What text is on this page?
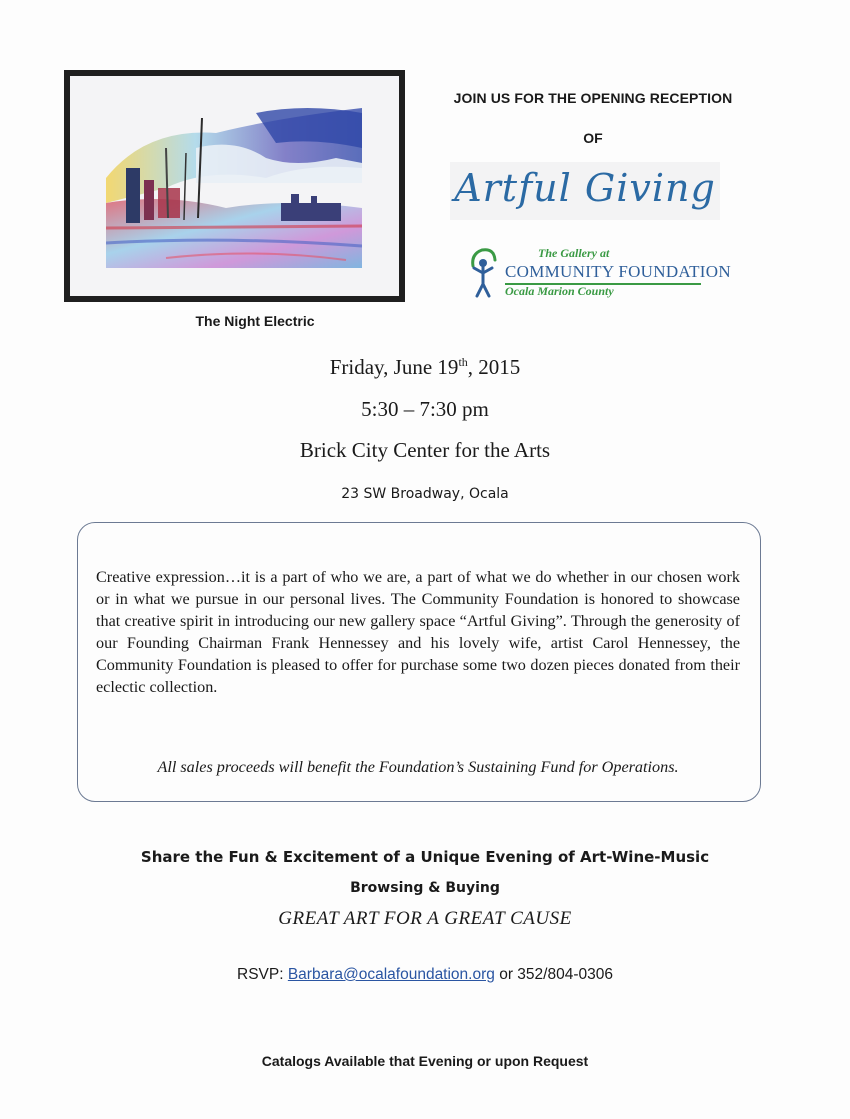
The Night Electric
JOIN US FOR THE OPENING RECEPTION
OF
Artful Giving
The Gallery at
COMMUNITY FOUNDATION
Ocala Marion County
Friday, June 19th, 2015
5:30 – 7:30 pm
Brick City Center for the Arts
23 SW Broadway, Ocala
Creative expression…it is a part of who we are, a part of what we do whether in our chosen work or in what we pursue in our personal lives. The Community Foundation is honored to showcase that creative spirit in introducing our new gallery space “Artful Giving”. Through the generosity of our Founding Chairman Frank Hennessey and his lovely wife, artist Carol Hennessey, the Community Foundation is pleased to offer for purchase some two dozen pieces donated from their eclectic collection.
All sales proceeds will benefit the Foundation’s Sustaining Fund for Operations.
Share the Fun & Excitement of a Unique Evening of Art-Wine-Music
Browsing & Buying
GREAT ART FOR A GREAT CAUSE
RSVP: Barbara@ocalafoundation.org or 352/804-0306
Catalogs Available that Evening or upon Request
